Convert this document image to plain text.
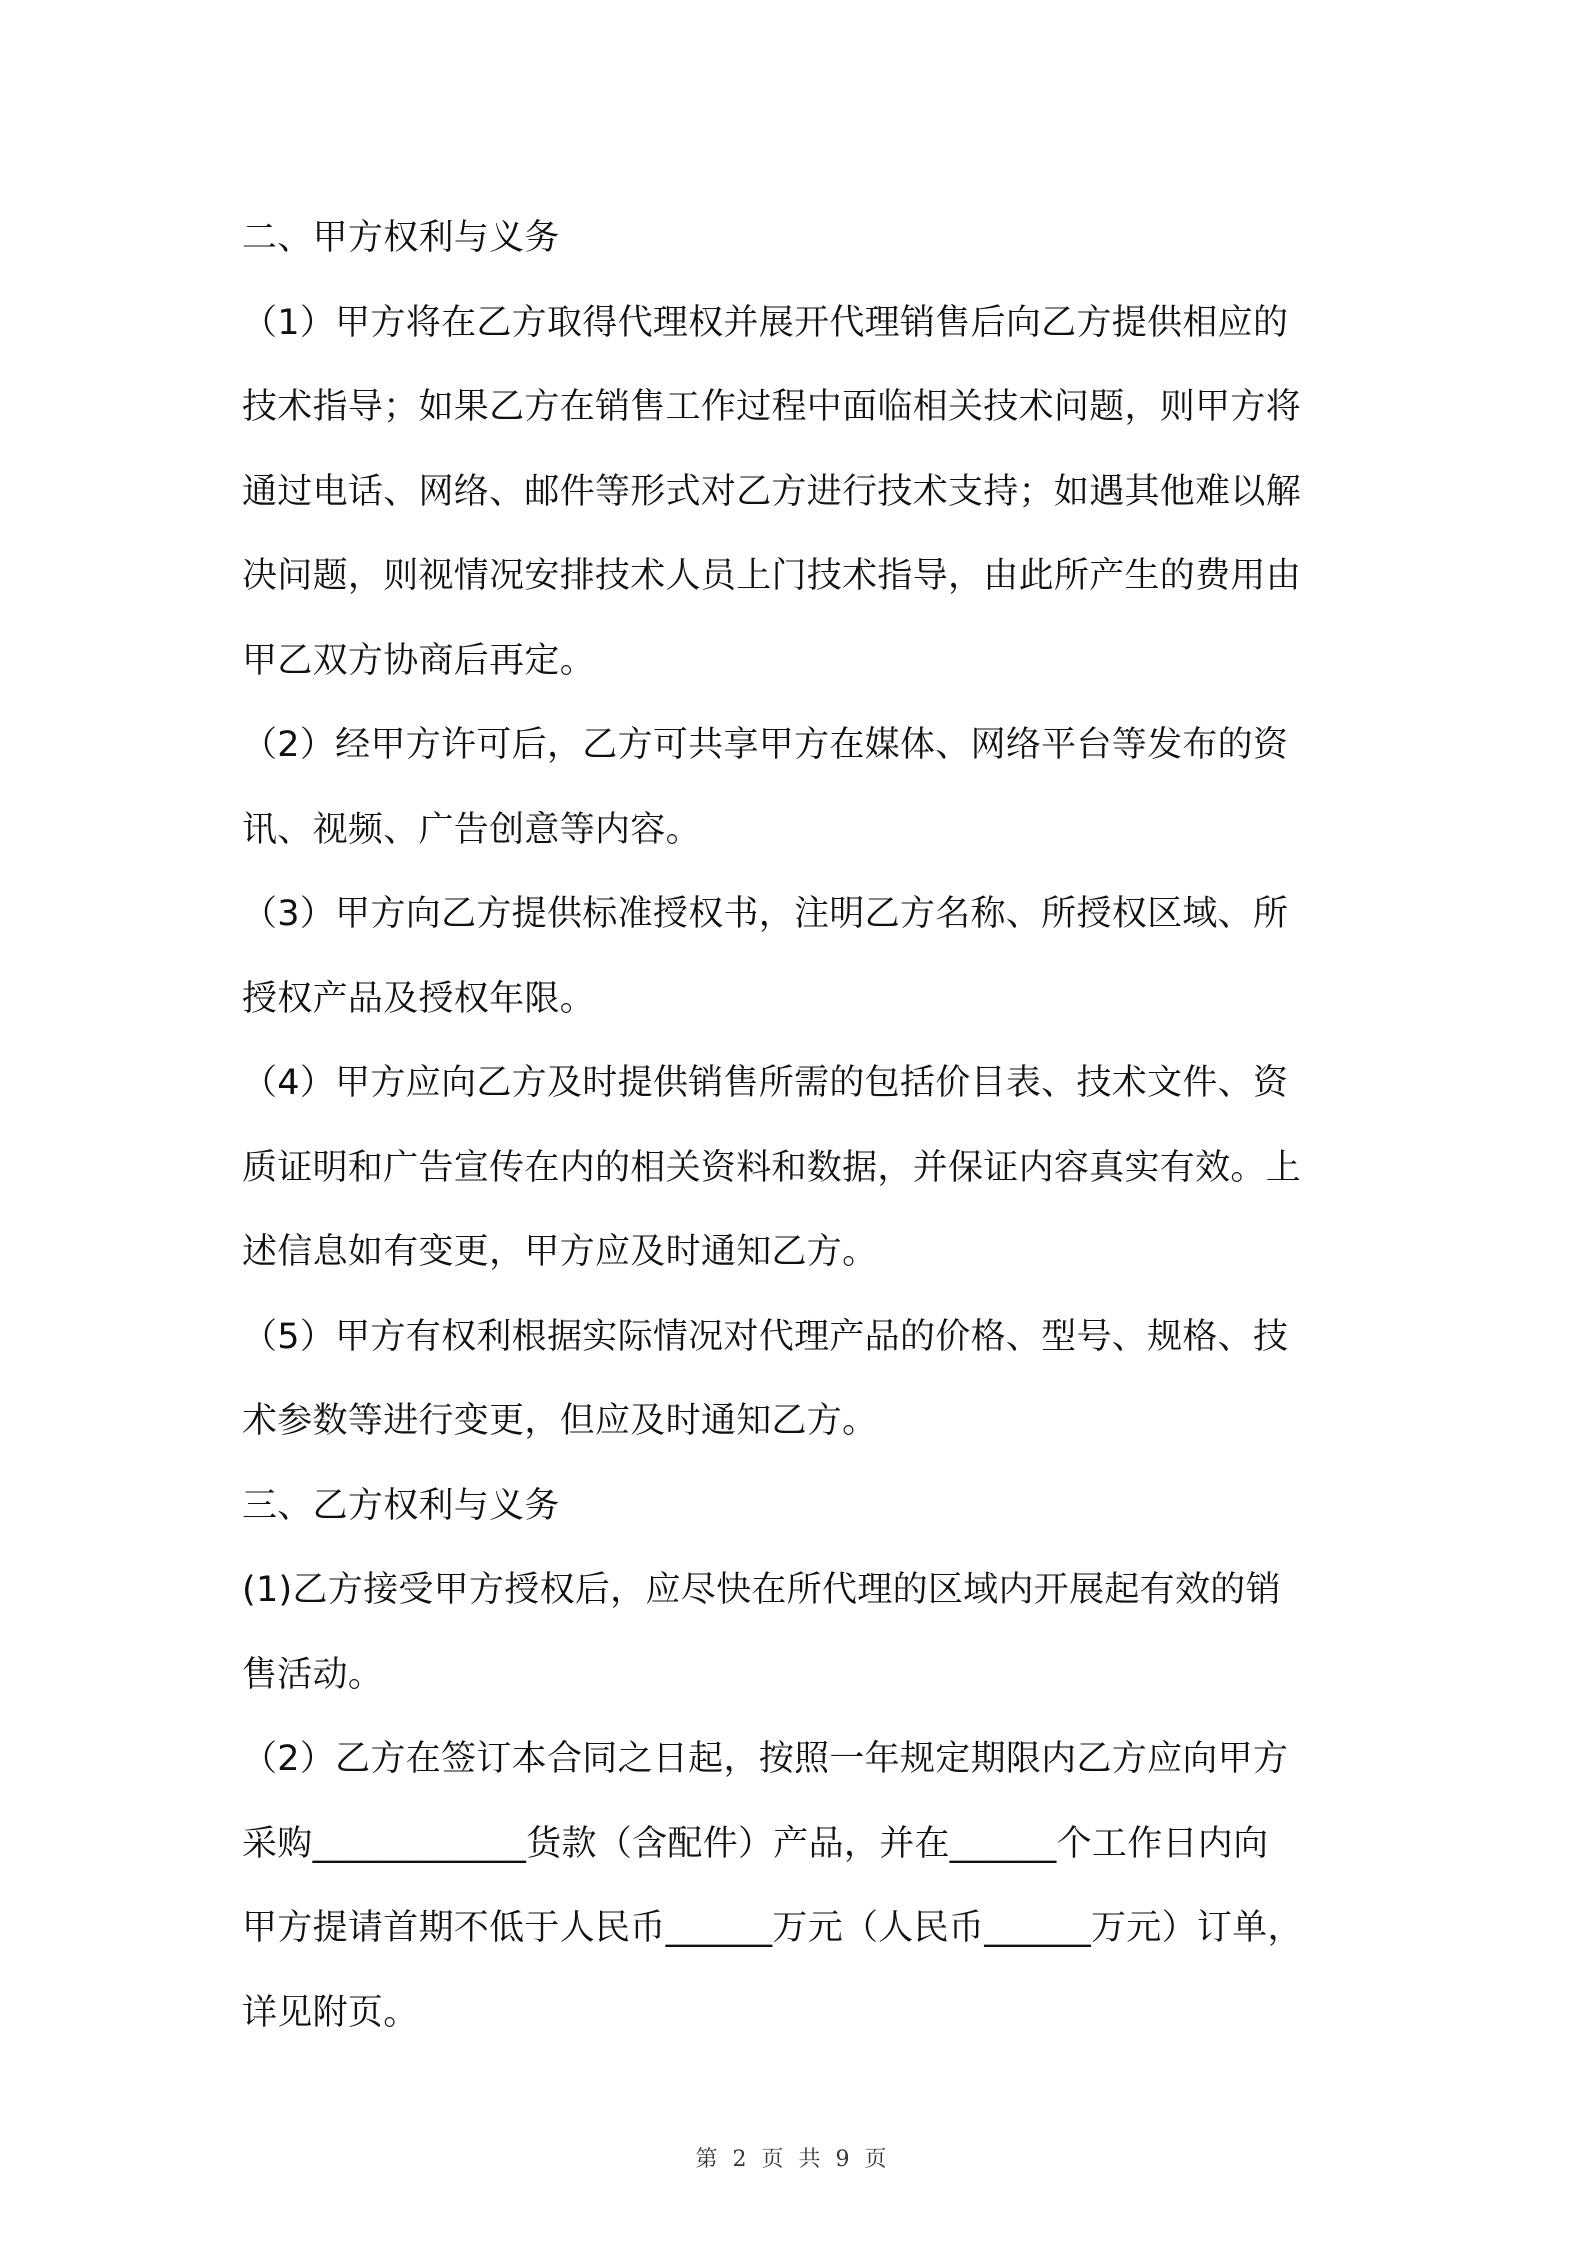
二、甲方权利与义务
（1）甲方将在乙方取得代理权并展开代理销售后向乙方提供相应的
技术指导；如果乙方在销售工作过程中面临相关技术问题，则甲方将
通过电话、网络、邮件等形式对乙方进行技术支持；如遇其他难以解
决问题，则视情况安排技术人员上门技术指导，由此所产生的费用由
甲乙双方协商后再定。
（2）经甲方许可后，乙方可共享甲方在媒体、网络平台等发布的资
讯、视频、广告创意等内容。
（3）甲方向乙方提供标准授权书，注明乙方名称、所授权区域、所
授权产品及授权年限。
（4）甲方应向乙方及时提供销售所需的包括价目表、技术文件、资
质证明和广告宣传在内的相关资料和数据，并保证内容真实有效。上
述信息如有变更，甲方应及时通知乙方。
（5）甲方有权利根据实际情况对代理产品的价格、型号、规格、技
术参数等进行变更，但应及时通知乙方。
三、乙方权利与义务
(1)乙方接受甲方授权后，应尽快在所代理的区域内开展起有效的销
售活动。
（2）乙方在签订本合同之日起，按照一年规定期限内乙方应向甲方
采购____________货款（含配件）产品，并在______个工作日内向
甲方提请首期不低于人民币______万元（人民币______万元）订单，
详见附页。
第 2 页 共 9 页
